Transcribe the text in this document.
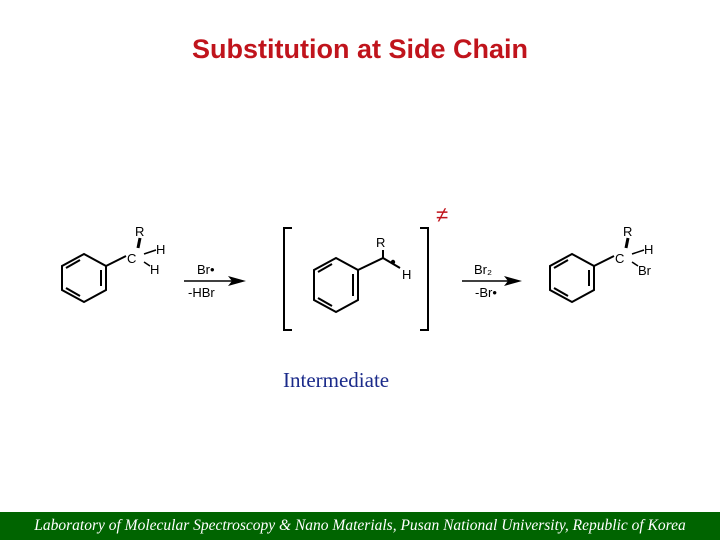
Substitution at Side Chain
R
C
H
H	Br•
-HBr
≠
R
H	Br₂
-Br•
R
C
H
Br
Intermediate
Laboratory of Molecular Spectroscopy & Nano Materials, Pusan National University, Republic of Korea
